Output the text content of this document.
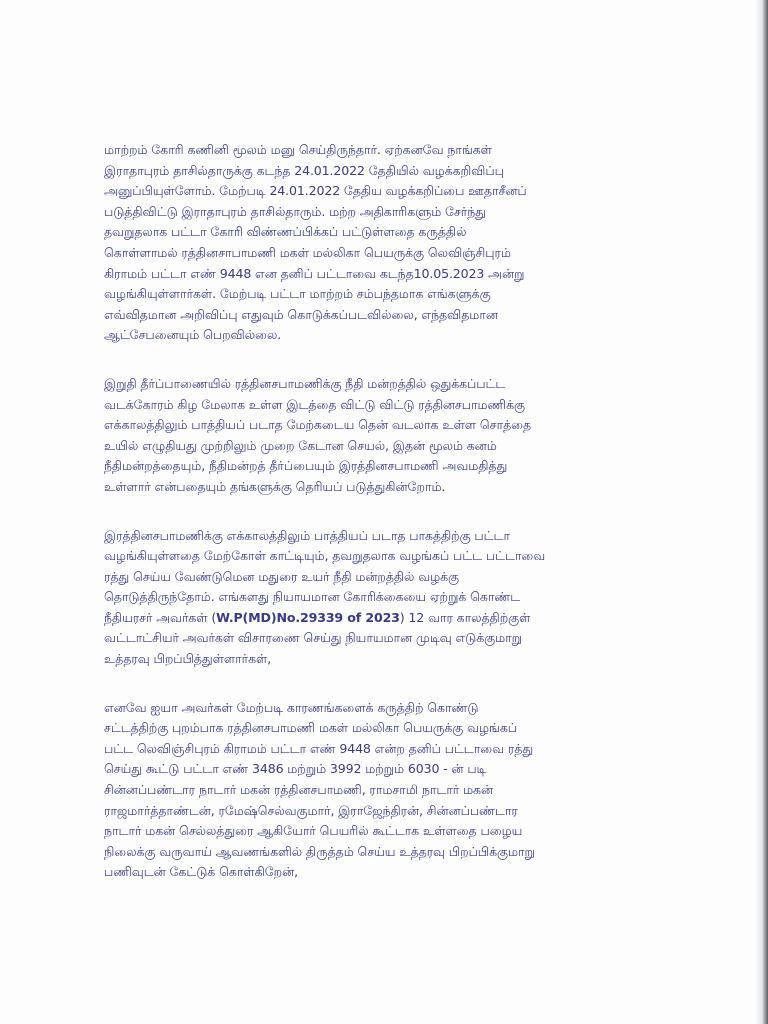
மாற்றம் கோரி கணினி மூலம் மனு செய்திருந்தார். ஏற்கனவே நாங்கள்
இராதாபுரம் தாசில்தாருக்கு கடந்த 24.01.2022 தேதியில் வழக்கறிவிப்பு
அனுப்பியுள்ளோம். மேற்படி 24.01.2022 தேதிய வழக்கறிப்பை ஊதாசீனப்
படுத்திவிட்டு இராதாபுரம் தாசில்தாரும். மற்ற அதிகாரிகளும் சேர்ந்து
தவறுதலாக பட்டா கோரி விண்ணப்பிக்கப் பட்டுள்ளதை கருத்தில்
கொள்ளாமல் ரத்தினசாபாமணி மகள் மல்லிகா பெயருக்கு லெவிஞ்சிபுரம்
கிராமம் பட்டா எண் 9448 என தனிப் பட்டாவை கடந்த10.05.2023 அன்று
வழங்கியுள்ளார்கள். மேற்படி பட்டா மாற்றம் சம்பந்தமாக எங்களுக்கு
எவ்விதமான அறிவிப்பு எதுவும் கொடுக்கப்படவில்லை, எந்தவிதமான
ஆட்சேபனையும் பெறவில்லை.
இறுதி தீர்ப்பாணையில் ரத்தினசபாமணிக்கு நீதி மன்றத்தில் ஒதுக்கப்பட்ட
வடக்கோரம் கிழ மேலாக உள்ள இடத்தை விட்டு விட்டு ரத்தினசபாமணிக்கு
எக்காலத்திலும் பாத்தியப் படாத மேற்கடைய தென் வடலாக உள்ள சொத்தை
உயில் எழுதியது முற்றிலும் முறை கேடான செயல், இதன் மூலம் கனம்
நீதிமன்றத்தையும், நீதிமன்றத் தீர்ப்பையும் இரத்தினசபாமணி அவமதித்து
உள்ளார் என்பதையும் தங்களுக்கு தெரியப் படுத்துகின்றோம்.
இரத்தினசபாமணிக்கு எக்காலத்திலும் பாத்தியப் படாத பாகத்திற்கு பட்டா
வழங்கியுள்ளதை மேற்கோள் காட்டியும், தவறுதலாக வழங்கப் பட்ட பட்டாவை
ரத்து செய்ய வேண்டுமென மதுரை உயர் நீதி மன்றத்தில் வழக்கு
தொடுத்திருந்தோம். எங்களது நியாயமான கோரிக்கையை ஏற்றுக் கொண்ட
நீதியரசர் அவர்கள் (W.P(MD)No.29339 of 2023) 12 வார காலத்திற்குள்
வட்டாட்சியர் அவர்கள் விசாரணை செய்து நியாயமான முடிவு எடுக்குமாறு
உத்தரவு பிறப்பித்துள்ளார்கள்,
எனவே ஐயா அவர்கள் மேற்படி காரணங்களைக் கருத்திற் கொண்டு
சட்டத்திற்கு புறம்பாக ரத்தினசபாமணி மகள் மல்லிகா பெயருக்கு வழங்கப்
பட்ட லெவிஞ்சிபுரம் கிராமம் பட்டா எண் 9448 என்ற தனிப் பட்டாவை ரத்து
செய்து கூட்டு பட்டா எண் 3486 மற்றும் 3992 மற்றும் 6030 - ன் படி
சின்னப்பண்டார நாடார் மகன் ரத்தினசபாமணி, ராமசாமி நாடார் மகன்
ராஜமார்த்தாண்டன், ரமேஷ்செல்வகுமார், இராஜேந்திரன், சின்னப்பண்டார
நாடார் மகன் செல்லத்துரை ஆகியோர் பெயரில் கூட்டாக உள்ளதை பழைய
நிலைக்கு வருவாய் ஆவணங்களில் திருத்தம் செய்ய உத்தரவு பிறப்பிக்குமாறு
பணிவுடன் கேட்டுக் கொள்கிறேன்,
